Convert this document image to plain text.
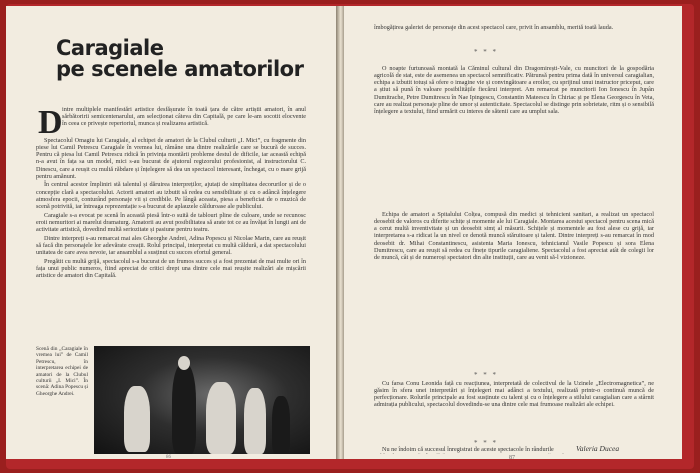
Caragiale
pe scenele amatorilor
D intre multiplele manifestări artistice desfășurate în toată țara de către artiștii amatori, în anul sărbătoririi semicentenarului, am selecționat câteva din Capitală, pe care le-am socotit elocvente în ceea ce privește repertoriul, munca și realizarea artistică.

Spectacolul Omagiu lui Caragiale, al echipei de amatori de la Clubul culturii „I. Mici”, cu fragmente din piese lui Camil Petrescu Caragiale în vremea lui, rămâne una dintre realizările care se bucură de succes. Pentru că piesa lui Camil Petrescu ridică în privința montării probleme destul de dificile, iar această echipă n-a avut în fața sa un model, mici s-au bucurat de ajutorul regizorului profesionist, al instructorului C. Dinescu, care a reușit cu multă răbdare și înțelegere să dea un spectacol interesant, închegat, cu o mare grijă pentru amănunt.

În centrul acestor împliniri stă talentul și dăruirea interpreților, ajutați de simplitatea decorurilor și de o concepție clară a spectacolului. Actorii amatori au izbutit să redea cu sensibilitate și cu o adâncă înțelegere atmosfera epocii, conturând personaje vii și credibile. Pe lângă aceasta, piesa a beneficiat de o muzică de scenă potrivită, iar întreaga reprezentație s-a bucurat de aplauzele călduroase ale publicului.

Caragiale s-a evocat pe scenă în această piesă într-o suită de tablouri pline de culoare, unde se recunosc eroii nemuritori ai marelui dramaturg. Amatorii au avut posibilitatea să arate tot ce au învățat în lungii ani de activitate artistică, dovedind multă seriozitate și pasiune pentru teatru.

Dintre interpreți s-au remarcat mai ales Gheorghe Andrei, Adina Popescu și Nicolae Marin, care au reușit să facă din personajele lor adevărate creații. Rolul principal, interpretat cu multă căldură, a dat spectacolului unitatea de care avea nevoie, iar ansamblul a susținut cu succes efortul general.

Pregătit cu multă grijă, spectacolul s-a bucurat de un frumos succes și a fost prezentat de mai multe ori în fața unui public numeros, fiind apreciat de critici drept una dintre cele mai reușite realizări ale mișcării artistice de amatori din Capitală.

Scenă din „Caragiale în vremea lui” de Camil Petrescu, în interpretarea echipei de amatori de la Clubul culturii „I. Mici”. În scenă: Adina Popescu și Gheorghe Andrei.
86

îmbogățirea galeriei de personaje din acest spectacol care, privit în ansamblu, merită toată lauda.

* * *

O noapte furtunoasă montată la Căminul cultural din Dragomirești-Vale, cu muncitori de la gospodăria agricolă de stat, este de asemenea un spectacol semnificativ. Pătrunsă pentru prima dată în universul caragialian, echipa a izbutit totuși să ofere o imagine vie și convingătoare a eroilor, cu sprijinul unui instructor priceput, care a știut să pună în valoare posibilitățile fiecărui interpret. Am remarcat pe muncitorii Ion Ionescu în Jupân Dumitrache, Petre Dumitrescu în Nae Ipingescu, Constantin Mateescu în Chiriac și pe Elena Georgescu în Veta, care au realizat personaje pline de umor și autenticitate. Spectacolul se distinge prin sobrietate, ritm și o sensibilă înțelegere a textului, fiind urmărit cu interes de sătenii care au umplut sala.

Echipa de amatori a Spitalului Colțea, compusă din medici și tehnicieni sanitari, a realizat un spectacol deosebit de valoros cu diferite schițe și momente ale lui Caragiale. Montarea acestui spectacol pentru scena mică a cerut multă inventivitate și un deosebit simț al măsurii. Schițele și momentele au fost alese cu grijă, iar interpretarea s-a ridicat la un nivel ce denotă muncă stăruitoare și talent. Dintre interpreți s-au remarcat în mod deosebit dr. Mihai Constantinescu, asistenta Maria Ionescu, tehnicianul Vasile Popescu și sora Elena Dumitrescu, care au reușit să redea cu finețe tipurile caragialiene. Spectacolul a fost apreciat atât de colegii lor de muncă, cât și de numeroși spectatori din alte instituții, care au venit să-l vizioneze.

* * *

Cu farsa Conu Leonida față cu reacțiunea, interpretată de colectivul de la Uzinele „Electromagnetica”, ne găsim în sfera unei interpretări și înțelegeri mai adânci a textului, realizată printr-o continuă muncă de perfecționare. Rolurile principale au fost susținute cu talent și cu o înțelegere a stilului caragialian care a stârnit admirația publicului, spectacolul dovedindu-se una dintre cele mai frumoase realizări ale echipei.

* * *

Nu ne îndoim că succesul înregistrat de aceste spectacole în rândurile	Valeria Ducea
87
